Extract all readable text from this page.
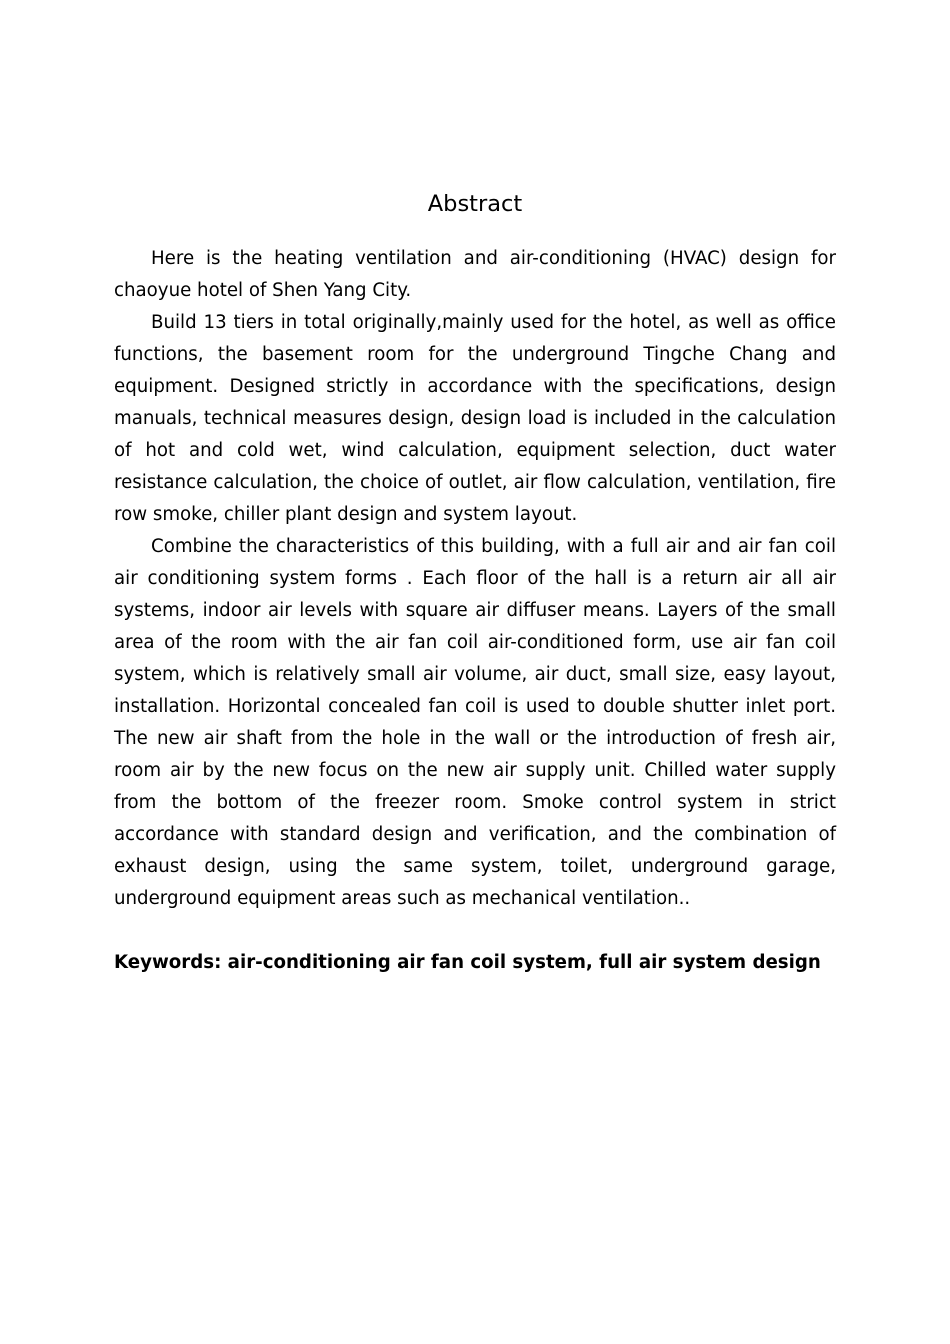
Abstract

Here is the heating ventilation and air-conditioning (HVAC) design for chaoyue hotel of Shen Yang City.

Build 13 tiers in total originally,mainly used for the hotel, as well as office functions, the basement room for the underground Tingche Chang and equipment. Designed strictly in accordance with the specifications, design manuals, technical measures design, design load is included in the calculation of hot and cold wet, wind calculation, equipment selection, duct water resistance calculation, the choice of outlet, air flow calculation, ventilation, fire row smoke, chiller plant design and system layout.

Combine the characteristics of this building, with a full air and air fan coil air conditioning system forms . Each floor of the hall is a return air all air systems, indoor air levels with square air diffuser means. Layers of the small area of the room with the air fan coil air-conditioned form, use air fan coil system, which is relatively small air volume, air duct, small size, easy layout, installation. Horizontal concealed fan coil is used to double shutter inlet port. The new air shaft from the hole in the wall or the introduction of fresh air, room air by the new focus on the new air supply unit. Chilled water supply from the bottom of the freezer room. Smoke control system in strict accordance with standard design and verification, and the combination of exhaust design, using the same system, toilet, underground garage, underground equipment areas such as mechanical ventilation..

Keywords: air-conditioning air fan coil system, full air system design
